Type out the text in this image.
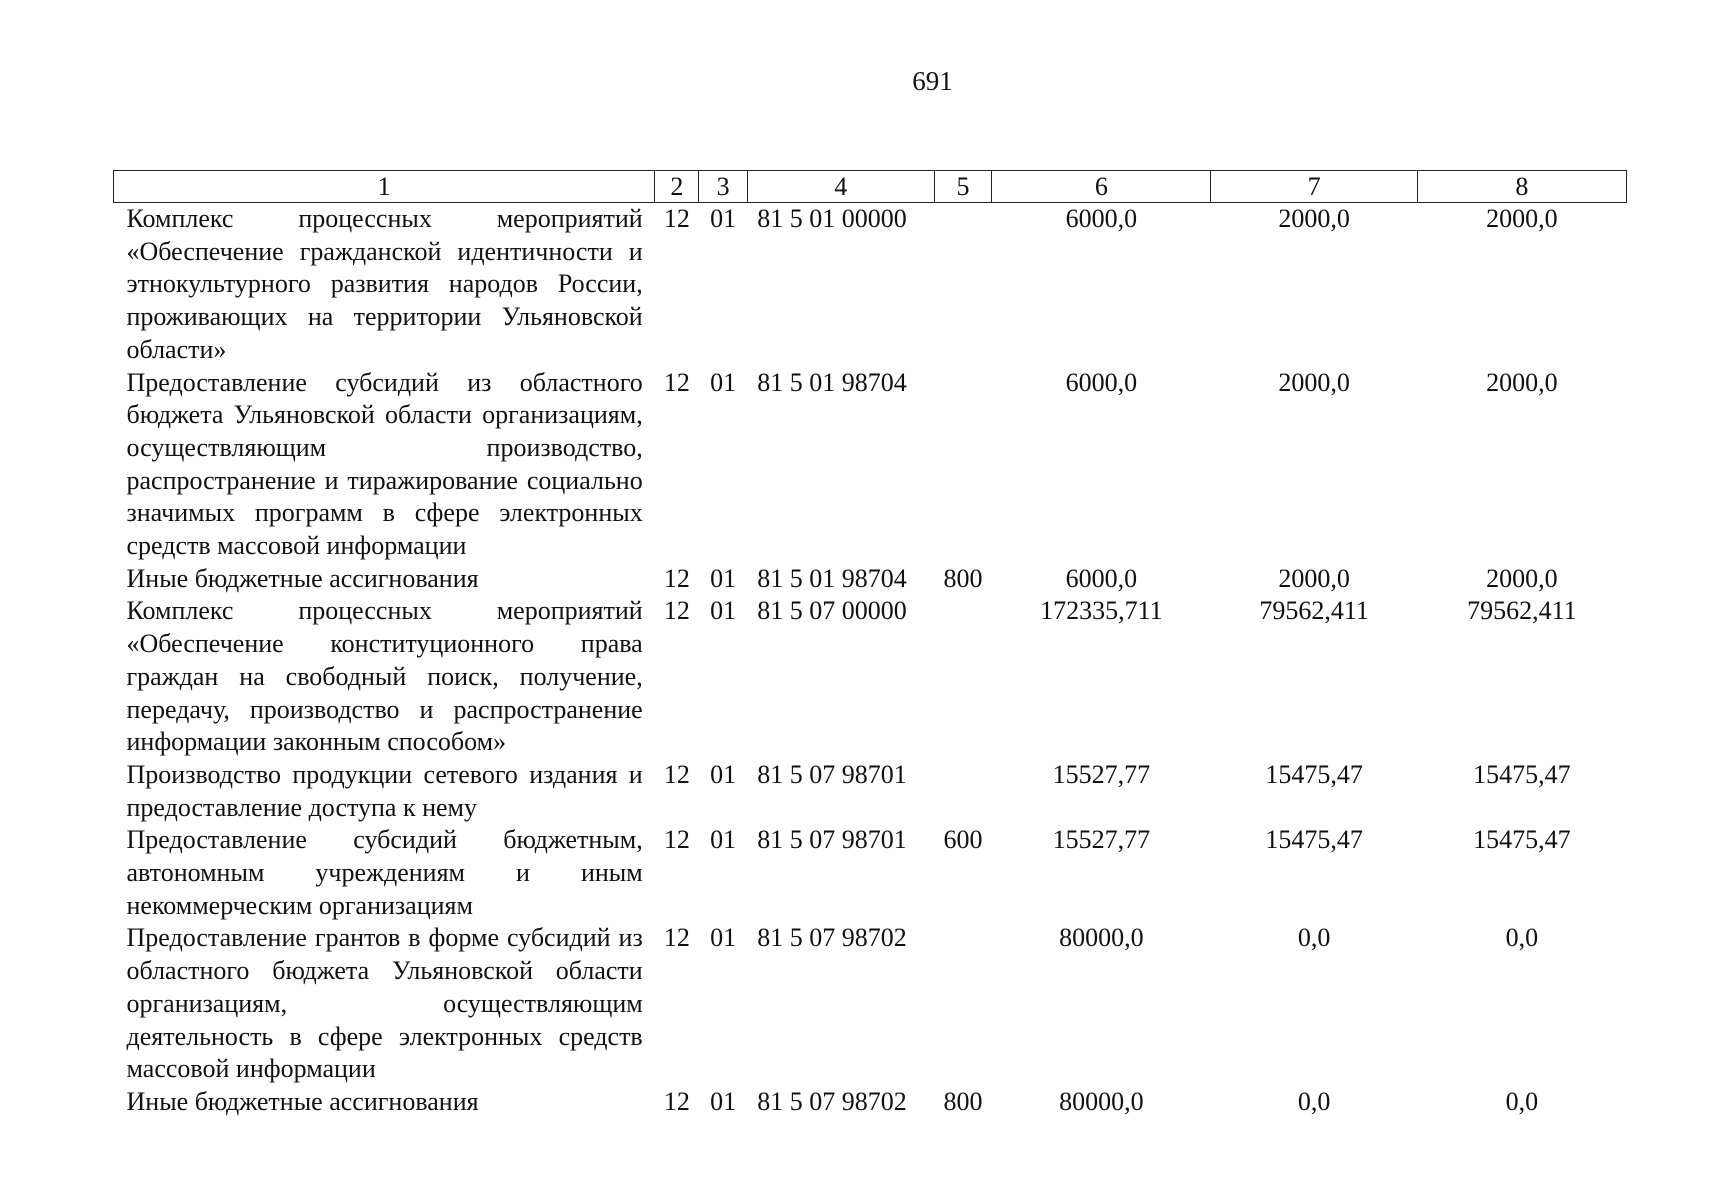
691
1	2	3	4	5	6	7	8
Комплекс процессных мероприятий «Обеспечение гражданской идентичности и этнокультурного развития народов России, проживающих на территории Ульяновской области»	12	01	81 5 01 00000		6000,0	2000,0	2000,0
Предоставление субсидий из областного бюджета Ульяновской области организациям, осуществляющим производство, распространение и тиражирование социально значимых программ в сфере электронных средств массовой информации	12	01	81 5 01 98704		6000,0	2000,0	2000,0
Иные бюджетные ассигнования	12	01	81 5 01 98704	800	6000,0	2000,0	2000,0
Комплекс процессных мероприятий «Обеспечение конституционного права граждан на свободный поиск, получение, передачу, производство и распространение информации законным способом»	12	01	81 5 07 00000		172335,711	79562,411	79562,411
Производство продукции сетевого издания и предоставление доступа к нему	12	01	81 5 07 98701		15527,77	15475,47	15475,47
Предоставление субсидий бюджетным, автономным учреждениям и иным некоммерческим организациям	12	01	81 5 07 98701	600	15527,77	15475,47	15475,47
Предоставление грантов в форме субсидий из областного бюджета Ульяновской области организациям, осуществляющим деятельность в сфере электронных средств массовой информации	12	01	81 5 07 98702		80000,0	0,0	0,0
Иные бюджетные ассигнования	12	01	81 5 07 98702	800	80000,0	0,0	0,0
